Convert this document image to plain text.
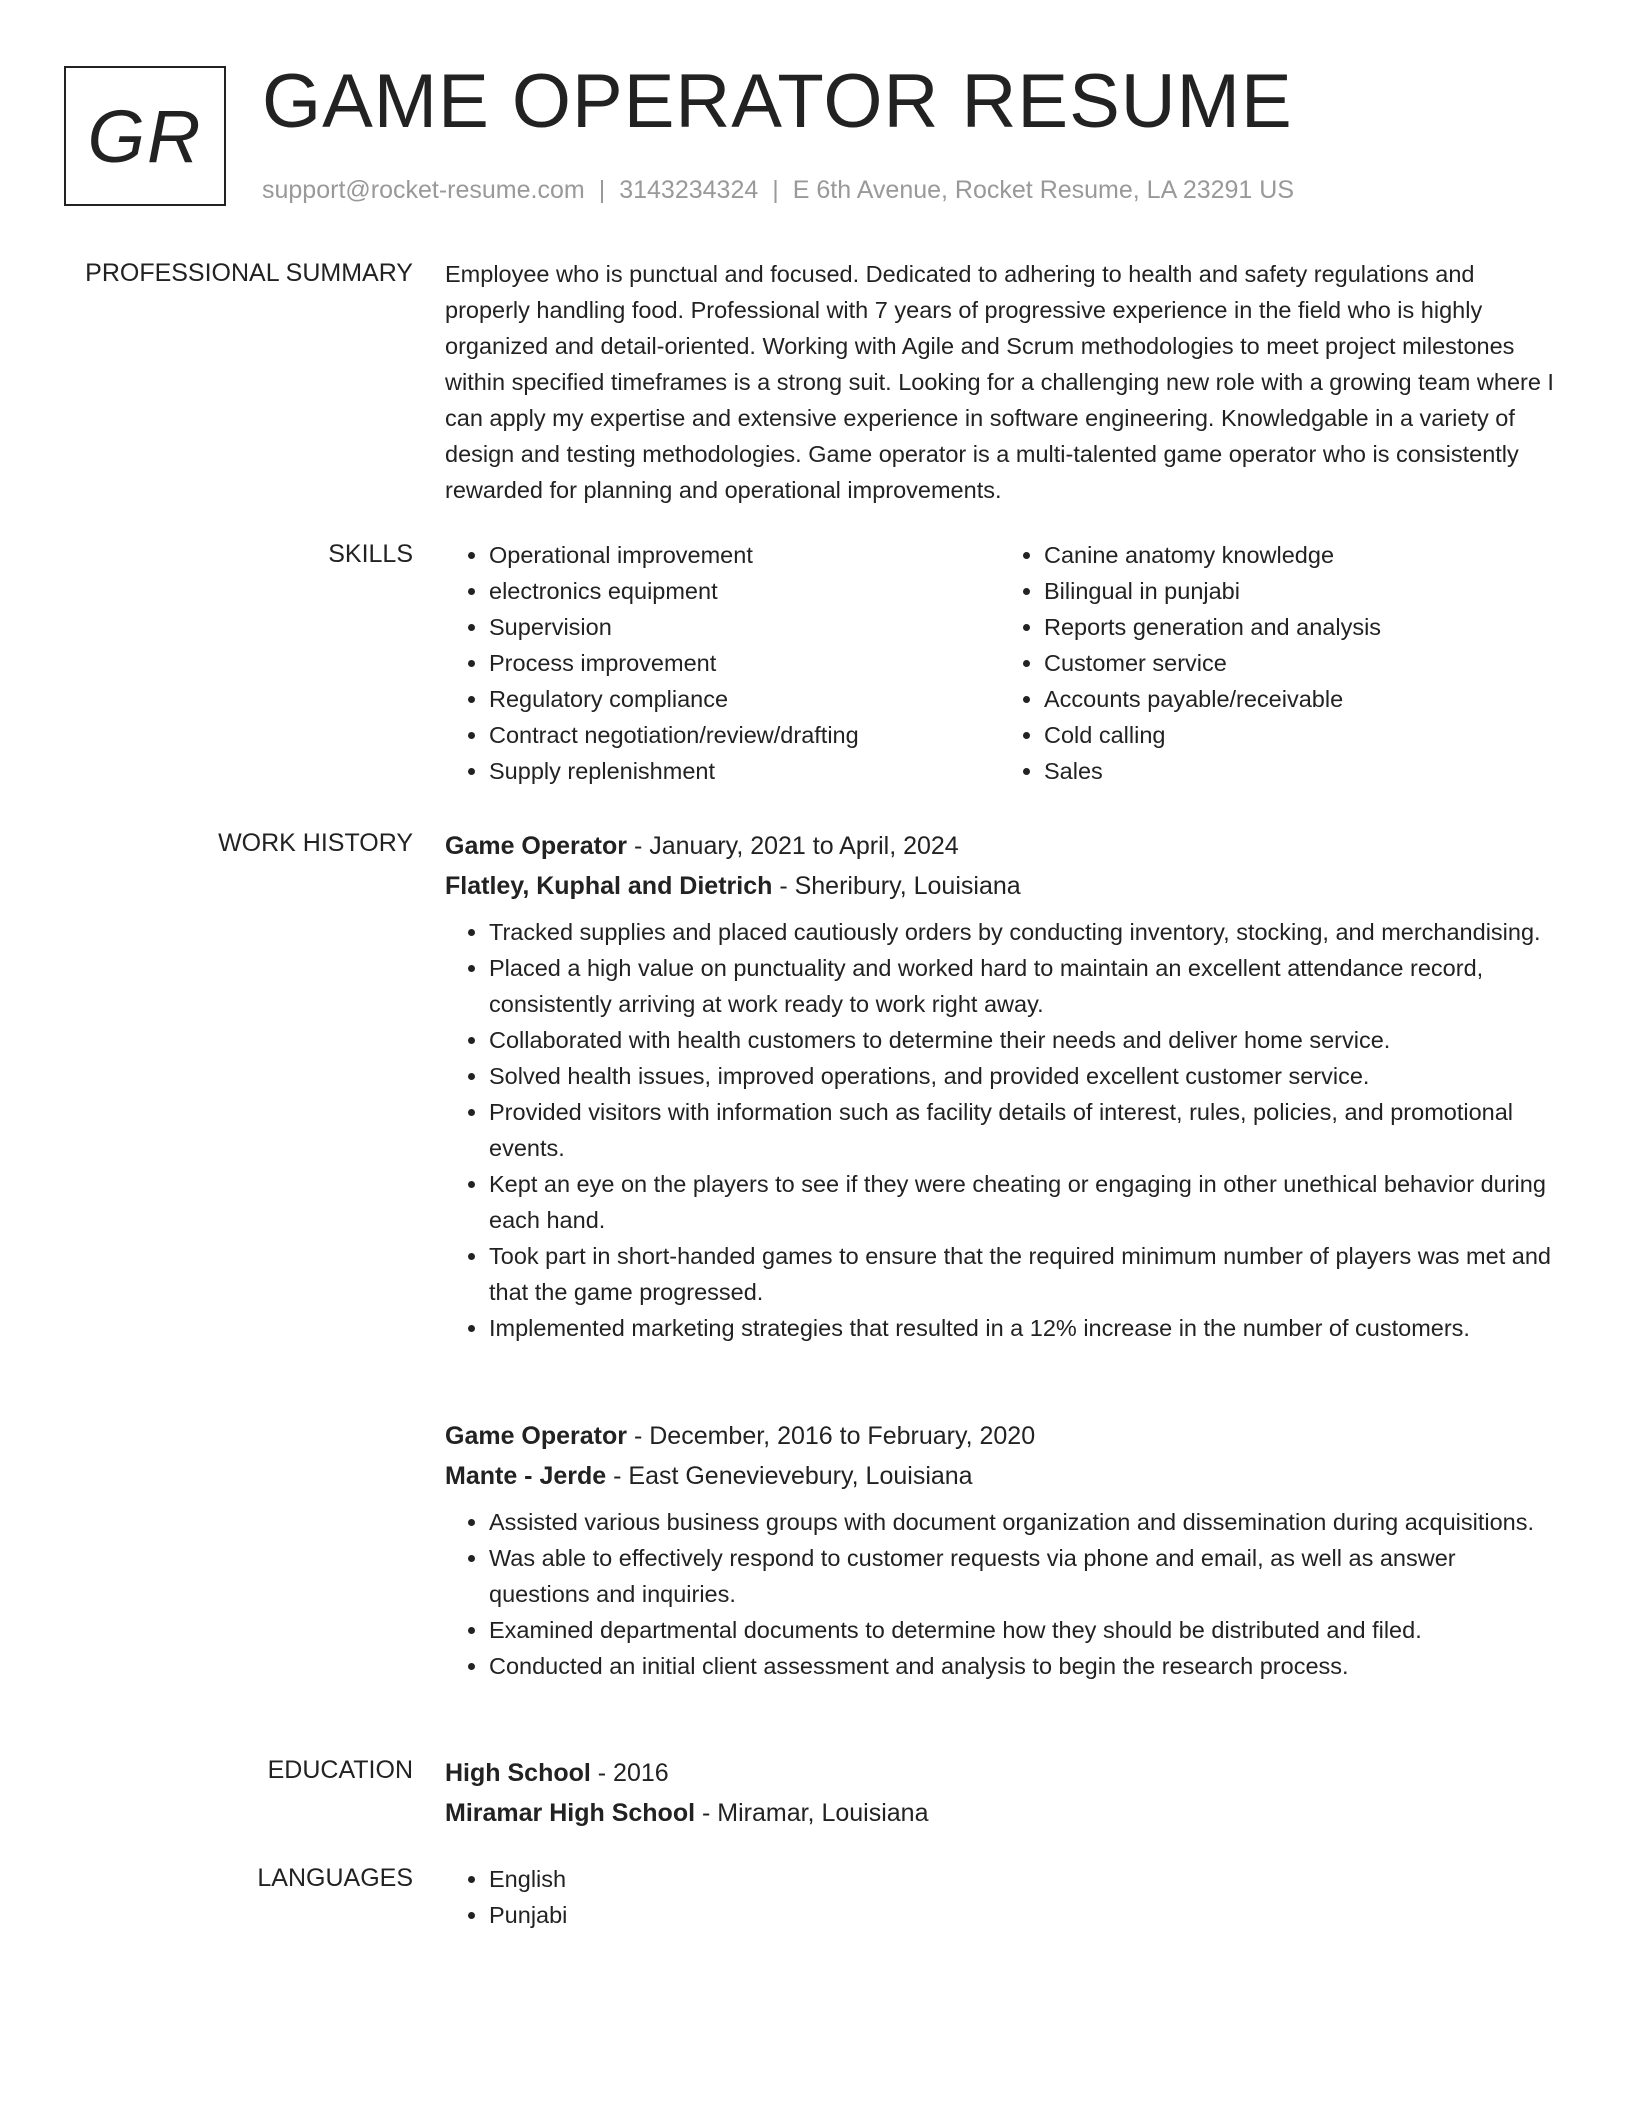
GR GAME OPERATOR RESUME
support@rocket-resume.com | 3143234324 | E 6th Avenue, Rocket Resume, LA 23291 US
PROFESSIONAL SUMMARY Employee who is punctual and focused. Dedicated to adhering to health and safety regulations and properly handling food. Professional with 7 years of progressive experience in the field who is highly organized and detail-oriented. Working with Agile and Scrum methodologies to meet project milestones within specified timeframes is a strong suit. Looking for a challenging new role with a growing team where I can apply my expertise and extensive experience in software engineering. Knowledgable in a variety of design and testing methodologies. Game operator is a multi-talented game operator who is consistently rewarded for planning and operational improvements.

SKILLS	• Operational improvement
• electronics equipment
• Supervision
• Process improvement
• Regulatory compliance
• Contract negotiation/review/drafting
• Supply replenishment
• Canine anatomy knowledge
• Bilingual in punjabi
• Reports generation and analysis
• Customer service
• Accounts payable/receivable
• Cold calling
• Sales
WORK HISTORY Game Operator - January, 2021 to April, 2024
Flatley, Kuphal and Dietrich - Sheribury, Louisiana
• Tracked supplies and placed cautiously orders by conducting inventory, stocking, and merchandising.
• Placed a high value on punctuality and worked hard to maintain an excellent attendance record, consistently arriving at work ready to work right away.
• Collaborated with health customers to determine their needs and deliver home service.
• Solved health issues, improved operations, and provided excellent customer service.
• Provided visitors with information such as facility details of interest, rules, policies, and promotional events.
• Kept an eye on the players to see if they were cheating or engaging in other unethical behavior during each hand.
• Took part in short-handed games to ensure that the required minimum number of players was met and that the game progressed.
• Implemented marketing strategies that resulted in a 12% increase in the number of customers.
Game Operator - December, 2016 to February, 2020
Mante - Jerde - East Genevievebury, Louisiana
• Assisted various business groups with document organization and dissemination during acquisitions.
• Was able to effectively respond to customer requests via phone and email, as well as answer questions and inquiries.
• Examined departmental documents to determine how they should be distributed and filed.
• Conducted an initial client assessment and analysis to begin the research process.
EDUCATION High School - 2016
Miramar High School - Miramar, Louisiana
LANGUAGES	• English
• Punjabi
